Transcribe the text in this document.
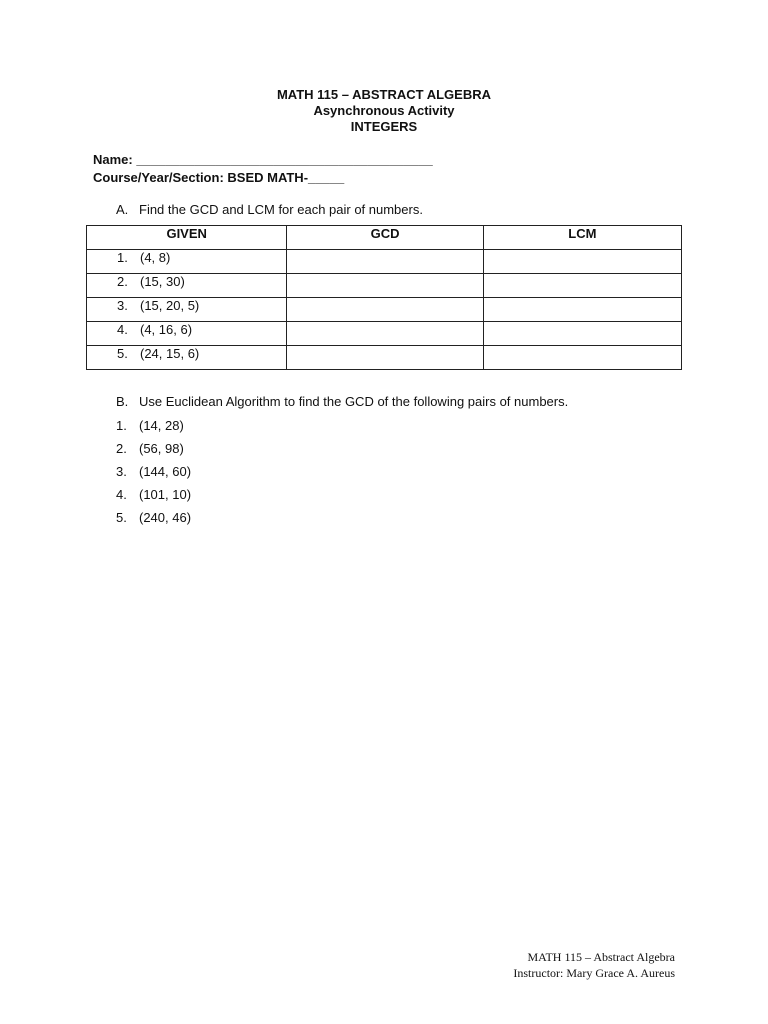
MATH 115 – ABSTRACT ALGEBRA
Asynchronous Activity
INTEGERS
Name: _________________________________________
Course/Year/Section: BSED MATH-_____
A. Find the GCD and LCM for each pair of numbers.
GIVEN	GCD	LCM
1. (4, 8)		
2. (15, 30)		
3. (15, 20, 5)		
4. (4, 16, 6)		
5. (24, 15, 6)		
B. Use Euclidean Algorithm to find the GCD of the following pairs of numbers.
1. (14, 28)
2. (56, 98)
3. (144, 60)
4. (101, 10)
5. (240, 46)
MATH 115 – Abstract Algebra
Instructor: Mary Grace A. Aureus
